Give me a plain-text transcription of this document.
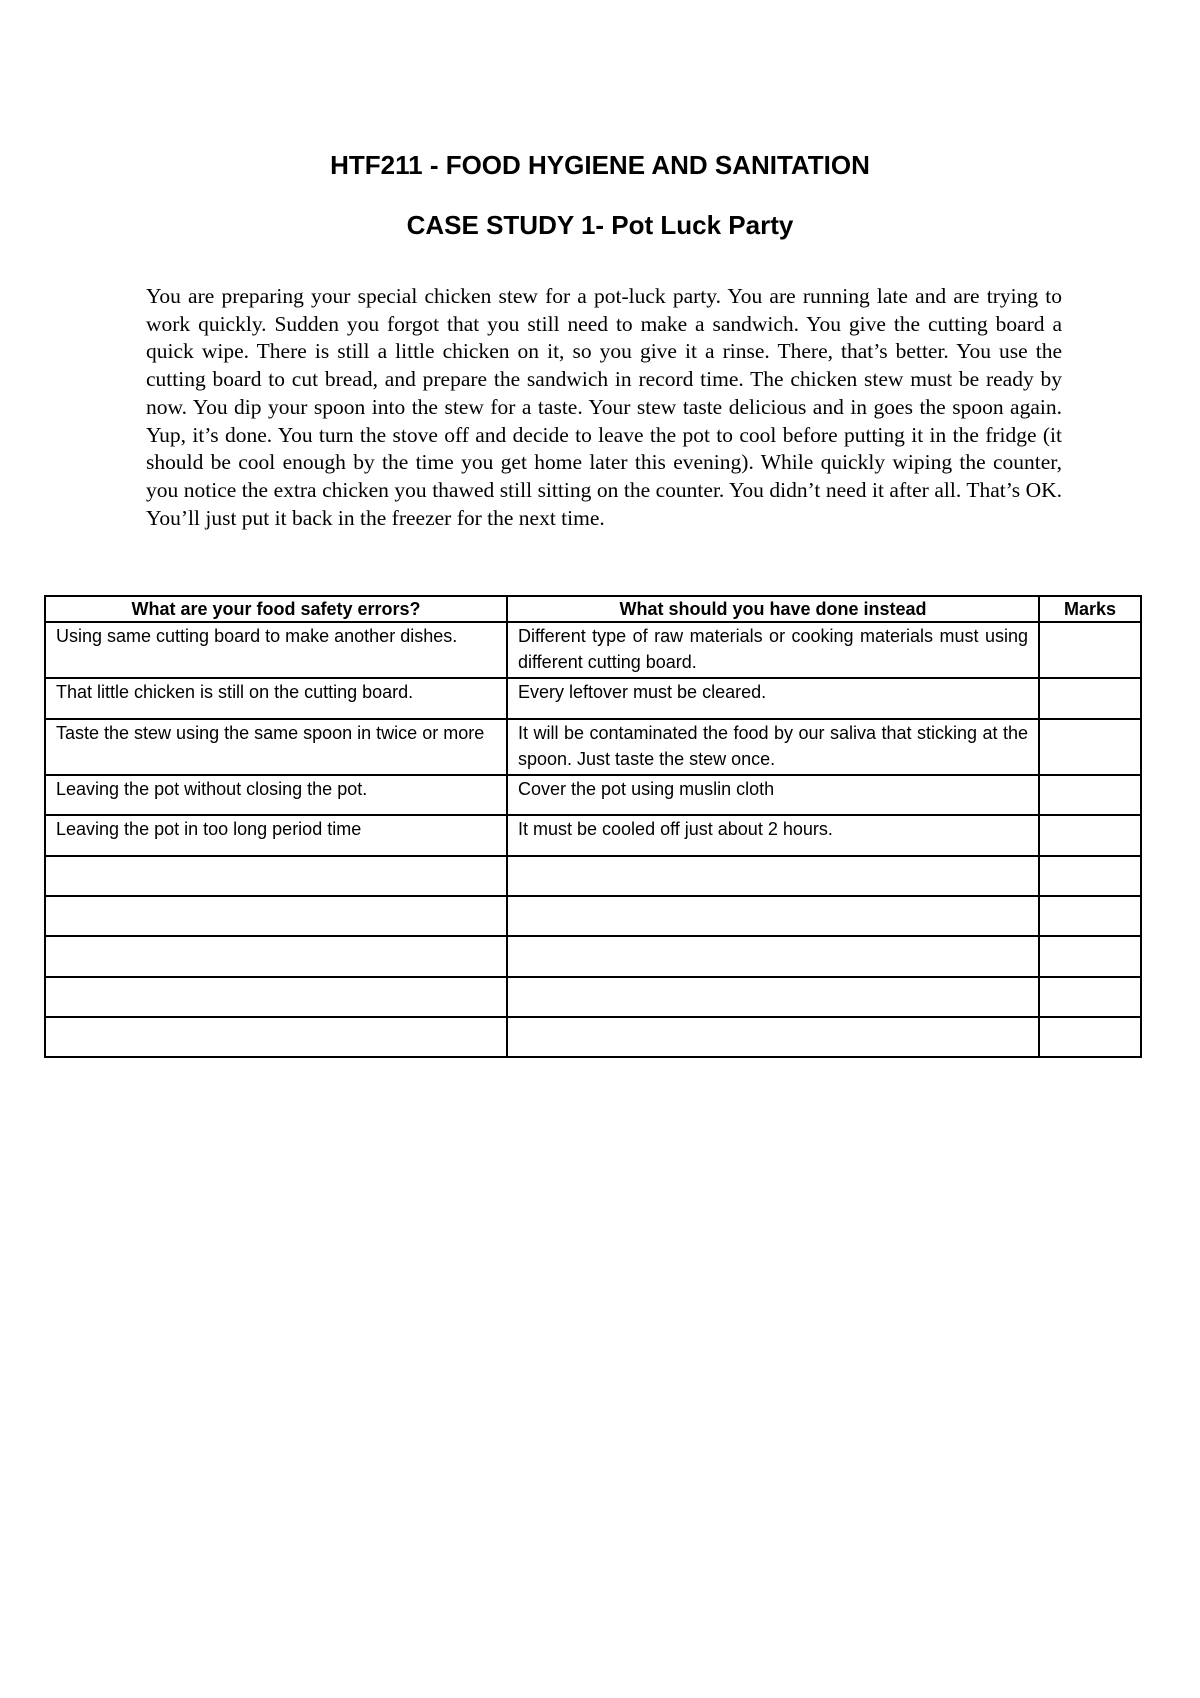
HTF211 - FOOD HYGIENE AND SANITATION
CASE STUDY 1- Pot Luck Party

You are preparing your special chicken stew for a pot-luck party. You are running late and are trying to work quickly. Sudden you forgot that you still need to make a sandwich. You give the cutting board a quick wipe. There is still a little chicken on it, so you give it a rinse. There, that’s better. You use the cutting board to cut bread, and prepare the sandwich in record time. The chicken stew must be ready by now. You dip your spoon into the stew for a taste. Your stew taste delicious and in goes the spoon again. Yup, it’s done. You turn the stove off and decide to leave the pot to cool before putting it in the fridge (it should be cool enough by the time you get home later this evening). While quickly wiping the counter, you notice the extra chicken you thawed still sitting on the counter. You didn’t need it after all. That’s OK. You’ll just put it back in the freezer for the next time.

What are your food safety errors?	What should you have done instead	Marks
Using same cutting board to make another dishes.	Different type of raw materials or cooking materials must using different cutting board.	
That little chicken is still on the cutting board.	Every leftover must be cleared.	
Taste the stew using the same spoon in twice or more	It will be contaminated the food by our saliva that sticking at the spoon. Just taste the stew once.	
Leaving the pot without closing the pot.	Cover the pot using muslin cloth	
Leaving the pot in too long period time	It must be cooled off just about 2 hours.	
